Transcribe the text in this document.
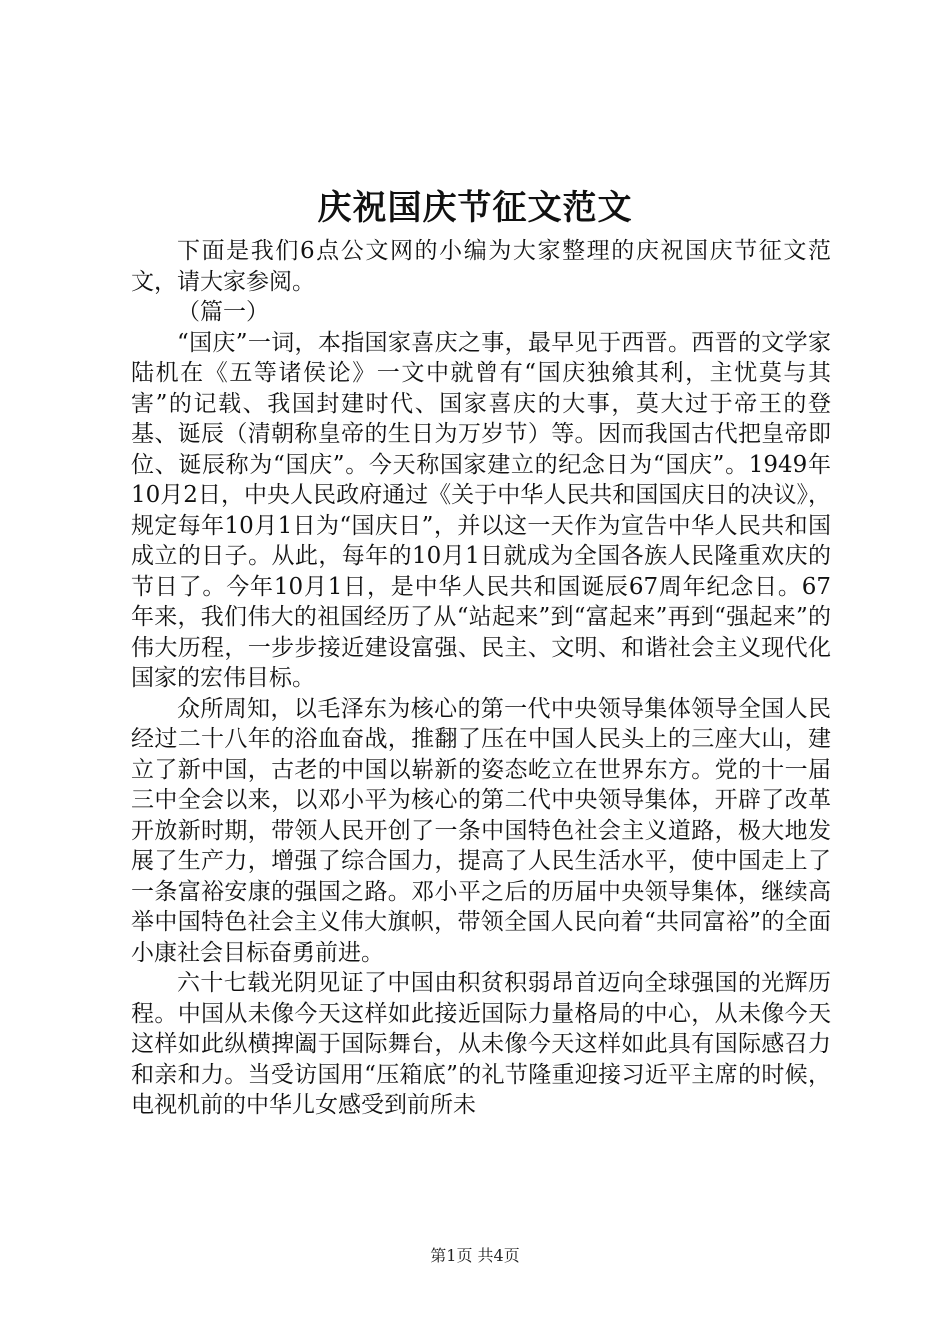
庆祝国庆节征文范文

下面是我们6点公文网的小编为大家整理的庆祝国庆节征文范文，请大家参阅。

（篇一）

“国庆”一词，本指国家喜庆之事，最早见于西晋。西晋的文学家陆机在《五等诸侯论》一文中就曾有“国庆独飨其利，主忧莫与其害”的记载、我国封建时代、国家喜庆的大事，莫大过于帝王的登基、诞辰（清朝称皇帝的生日为万岁节）等。因而我国古代把皇帝即位、诞辰称为“国庆”。今天称国家建立的纪念日为“国庆”。1949年10月2日，中央人民政府通过《关于中华人民共和国国庆日的决议》，规定每年10月1日为“国庆日”，并以这一天作为宣告中华人民共和国成立的日子。从此，每年的10月1日就成为全国各族人民隆重欢庆的节日了。今年10月1日，是中华人民共和国诞辰67周年纪念日。67年来，我们伟大的祖国经历了从“站起来”到“富起来”再到“强起来”的伟大历程，一步步接近建设富强、民主、文明、和谐社会主义现代化国家的宏伟目标。

众所周知，以毛泽东为核心的第一代中央领导集体领导全国人民经过二十八年的浴血奋战，推翻了压在中国人民头上的三座大山，建立了新中国，古老的中国以崭新的姿态屹立在世界东方。党的十一届三中全会以来，以邓小平为核心的第二代中央领导集体，开辟了改革开放新时期，带领人民开创了一条中国特色社会主义道路，极大地发展了生产力，增强了综合国力，提高了人民生活水平，使中国走上了一条富裕安康的强国之路。邓小平之后的历届中央领导集体，继续高举中国特色社会主义伟大旗帜，带领全国人民向着“共同富裕”的全面小康社会目标奋勇前进。

六十七载光阴见证了中国由积贫积弱昂首迈向全球强国的光辉历程。中国从未像今天这样如此接近国际力量格局的中心，从未像今天这样如此纵横捭阖于国际舞台，从未像今天这样如此具有国际感召力和亲和力。当受访国用“压箱底”的礼节隆重迎接习近平主席的时候，电视机前的中华儿女感受到前所未

第1页 共4页
